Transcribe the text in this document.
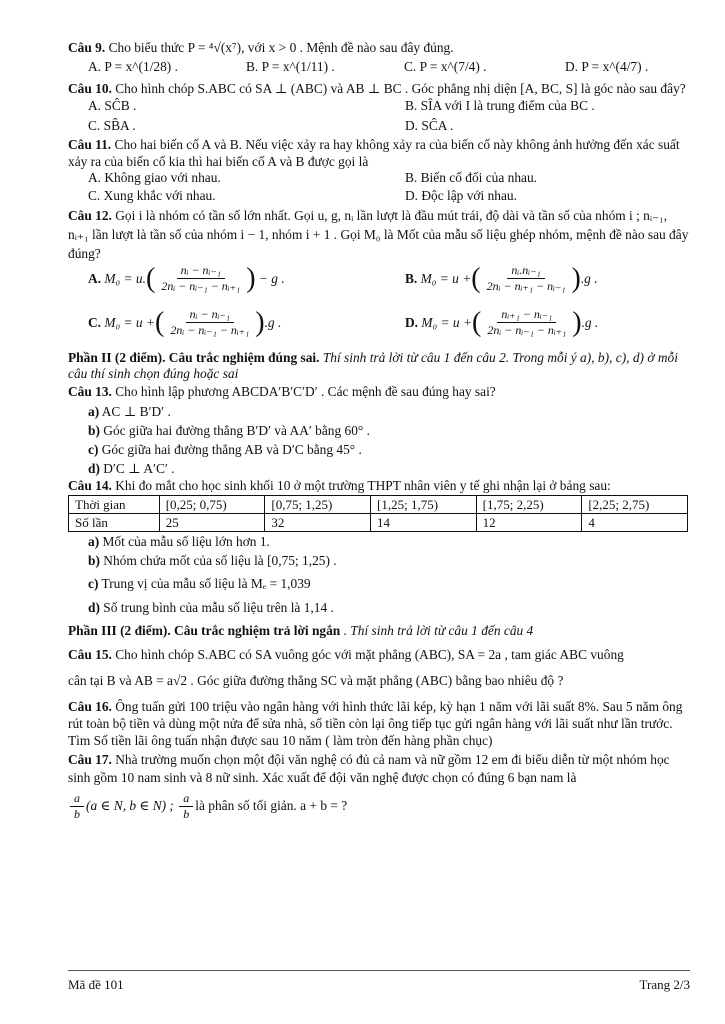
Câu 9. Cho biểu thức P = ⁴√(x⁷), với x > 0 . Mệnh đề nào sau đây đúng.

A. P = x^(1/28) .	B. P = x^(1/11) .	C. P = x^(7/4) .	D. P = x^(4/7) .

Câu 10. Cho hình chóp S.ABC có SA ⊥ (ABC) và AB ⊥ BC . Góc phẳng nhị diện [A, BC, S] là góc nào sau đây?

A. SĈB .	B. SÎA với I là trung điểm của BC .
C. SB̂A .	D. SĈA .

Câu 11. Cho hai biến cố A và B. Nếu việc xảy ra hay không xảy ra của biến cố này không ảnh hưởng đến xác suất xảy ra của biến cố kia thì hai biến cố A và B được gọi là

A. Không giao với nhau.	B. Biến cố đối của nhau.
C. Xung khắc với nhau.	D. Độc lập với nhau.

Câu 12. Gọi i là nhóm có tần số lớn nhất. Gọi u, g, nᵢ lần lượt là đầu mút trái, độ dài và tần số của nhóm i ; nᵢ₋₁, nᵢ₊₁ lần lượt là tần số của nhóm i − 1, nhóm i + 1 . Gọi M₀ là Mốt của mẫu số liệu ghép nhóm, mệnh đề nào sau đây đúng?

A.
M₀ = u. ( $\frac{\text{nᵢ − nᵢ₋₁}}{\text{2nᵢ − nᵢ₋₁ − nᵢ₊₁}}$ )
− g .	B.
M₀ = u + ( $\frac{\text{nᵢ.nᵢ₋₁}}{\text{2nᵢ − nᵢ₊₁ − nᵢ₋₁}}$ ) .g .
C.
M₀ = u + ( $\frac{\text{nᵢ − nᵢ₋₁}}{\text{2nᵢ − nᵢ₋₁ − nᵢ₊₁}}$ ) .g .	D.
M₀ = u + ( $\frac{\text{nᵢ₊₁ − nᵢ₋₁}}{\text{2nᵢ − nᵢ₋₁ − nᵢ₊₁}}$ ) .g .

Phần II (2 điểm). Câu trắc nghiệm đúng sai. Thí sinh trả lời từ câu 1 đến câu 2. Trong mỗi ý a), b), c), d) ở mỗi câu thí sinh chọn đúng hoặc sai

Câu 13. Cho hình lập phương ABCDA′B′C′D′ . Các mệnh đề sau đúng hay sai?

a) AC ⊥ B′D′ .

b) Góc giữa hai đường thẳng B′D′ và AA′ bằng 60° .

c) Góc giữa hai đường thẳng AB và D′C bằng 45° .

d) D′C ⊥ A′C′ .

Câu 14. Khi đo mắt cho học sinh khối 10 ở một trường THPT nhân viên y tế ghi nhận lại ở bảng sau:

Thời gian	[0,25; 0,75)	[0,75; 1,25)	[1,25; 1,75)	[1,75; 2,25)	[2,25; 2,75)
Số lần	25	32	14	12	4

a) Mốt của mẫu số liệu lớn hơn 1.

b) Nhóm chứa mốt của số liệu là [0,75; 1,25) .

c) Trung vị của mẫu số liệu là Mₑ = 1,039

d) Số trung bình của mẫu số liệu trên là 1,14 .

Phần III (2 điểm). Câu trắc nghiệm trả lời ngắn . Thí sinh trả lời từ câu 1 đến câu 4

Câu 15. Cho hình chóp S.ABC có SA vuông góc với mặt phẳng (ABC), SA = 2a , tam giác ABC vuông

cân tại B và AB = a√2 . Góc giữa đường thẳng SC và mặt phẳng (ABC) bằng bao nhiêu độ ?

Câu 16. Ông tuấn gửi 100 triệu vào ngân hàng với hình thức lãi kép, kỳ hạn 1 năm với lãi suất 8%. Sau 5 năm ông rút toàn bộ tiền và dùng một nửa để sửa nhà, số tiền còn lại ông tiếp tục gửi ngân hàng với lãi suất như lần trước. Tìm Số tiền lãi ông tuấn nhận được sau 10 năm ( làm tròn đến hàng phần chục)

Câu 17. Nhà trường muốn chọn một đội văn nghệ có đủ cả nam và nữ gồm 12 em đi biểu diễn từ một nhóm học sinh gồm 10 nam sinh và 8 nữ sinh. Xác xuất để đội văn nghệ được chọn có đúng 6 bạn nam là

$\frac{a}{b} (a$ ∈ N, b ∈ N) ;
$\frac{a}{b}$ là phân số tối giản. a + b = ?

Mã đề 101	Trang 2/3
